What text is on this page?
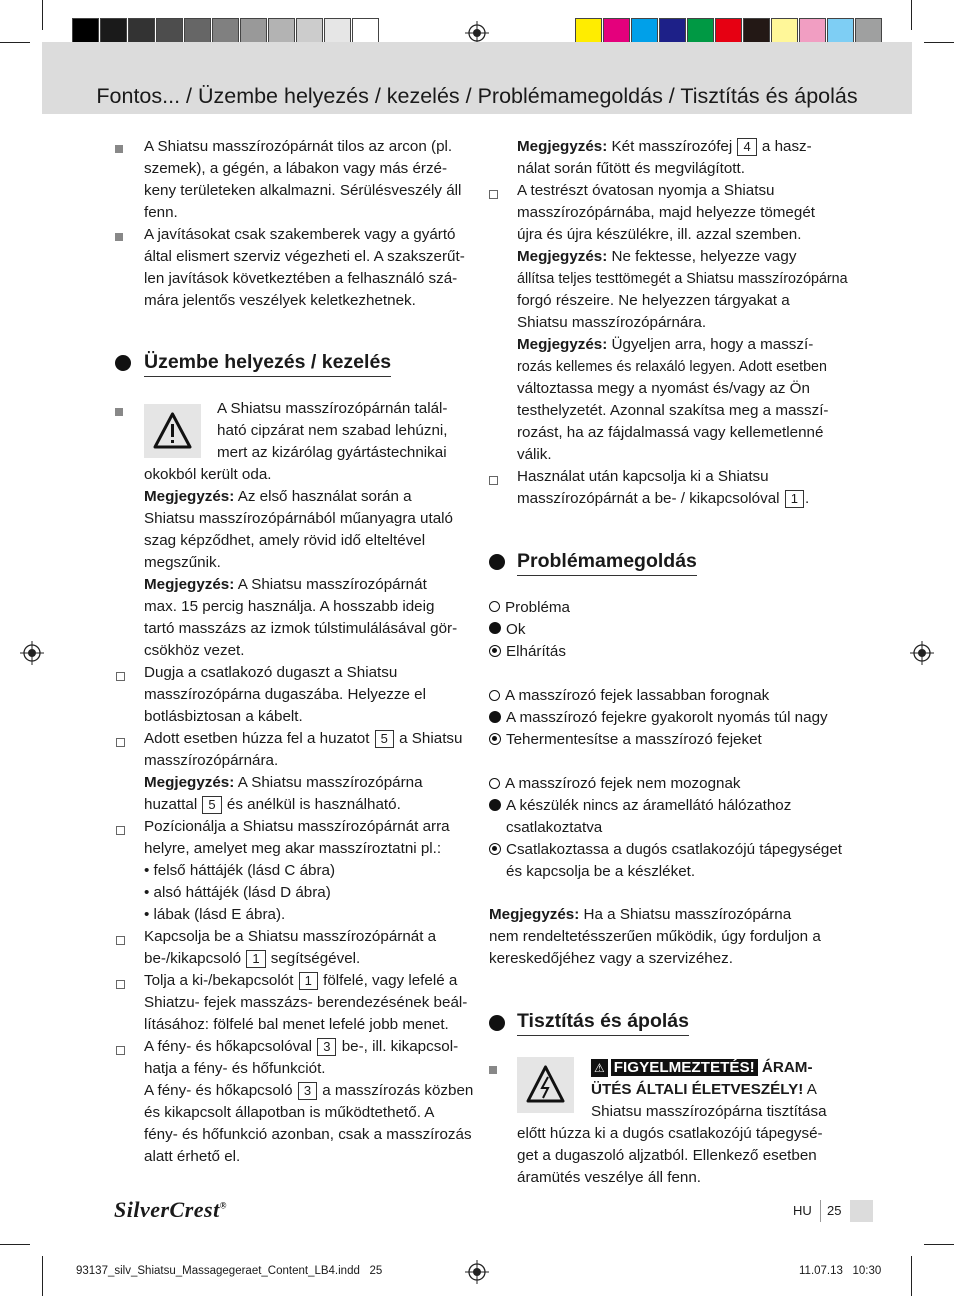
Fontos... / Üzembe helyezés / kezelés / Problémamegoldás / Tisztítás és ápolás
A Shiatsu masszírozópárnát tilos az arcon (pl.
szemek), a gégén, a lábakon vagy más érzé-
keny területeken alkalmazni. Sérülésveszély áll
fenn.
A javításokat csak szakemberek vagy a gyártó
által elismert szerviz végezheti el. A szakszerűt-
len javítások következtében a felhasználó szá-
mára jelentős veszélyek keletkezhetnek.
Üzembe helyezés / kezelés
A Shiatsu masszírozópárnán talál-
ható cipzárat nem szabad lehúzni,
mert az kizárólag gyártástechnikai
okokból került oda.
Megjegyzés: Az első használat során a
Shiatsu masszírozópárnából műanyagra utaló
szag képződhet, amely rövid idő elteltével
megszűnik.
Megjegyzés: A Shiatsu masszírozópárnát
max. 15 percig használja. A hosszabb ideig
tartó masszázs az izmok túlstimulálásával gör-
csökhöz vezet.
Dugja a csatlakozó dugaszt a Shiatsu
masszírozópárna dugaszába. Helyezze el
botlásbiztosan a kábelt.
Adott esetben húzza fel a huzatot 5 a Shiatsu
masszírozópárnára.
Megjegyzés: A Shiatsu masszírozópárna
huzattal 5 és anélkül is használható.
Pozícionálja a Shiatsu masszírozópárnát arra
helyre, amelyet meg akar masszíroztatni pl.:
• felső háttájék (lásd C ábra)
• alsó háttájék (lásd D ábra)
• lábak (lásd E ábra).
Kapcsolja be a Shiatsu masszírozópárnát a
be-/kikapcsoló 1 segítségével.
Tolja a ki-/bekapcsolót 1 fölfelé, vagy lefelé a
Shiatzu- fejek masszázs- berendezésének beál-
lításához: fölfelé bal menet lefelé jobb menet.
A fény- és hőkapcsolóval 3 be-, ill. kikapcsol-
hatja a fény- és hőfunkciót.
A fény- és hőkapcsoló 3 a masszírozás közben
és kikapcsolt állapotban is működtethető. A
fény- és hőfunkció azonban, csak a masszírozás
alatt érhető el.
Megjegyzés: Két masszírozófej 4 a hasz-
nálat során fűtött és megvilágított.
A testrészt óvatosan nyomja a Shiatsu
masszírozópárnába, majd helyezze tömegét
újra és újra készülékre, ill. azzal szemben.
Megjegyzés: Ne fektesse, helyezze vagy
állítsa teljes testtömegét a Shiatsu masszírozópárna
forgó részeire. Ne helyezzen tárgyakat a
Shiatsu masszírozópárnára.
Megjegyzés: Ügyeljen arra, hogy a masszí-
rozás kellemes és relaxáló legyen. Adott esetben
változtassa megy a nyomást és/vagy az Ön
testhelyzetét. Azonnal szakítsa meg a masszí-
rozást, ha az fájdalmassá vagy kellemetlenné
válik.
Használat után kapcsolja ki a Shiatsu
masszírozópárnát a be- / kikapcsolóval 1 .
Problémamegoldás
Probléma
Ok
Elhárítás
A masszírozó fejek lassabban forognak
A masszírozó fejekre gyakorolt nyomás túl nagy
Tehermentesítse a masszírozó fejeket
A masszírozó fejek nem mozognak
A készülék nincs az áramellátó hálózathoz
csatlakoztatva
Csatlakoztassa a dugós csatlakozójú tápegységet
és kapcsolja be a készléket.
Megjegyzés: Ha a Shiatsu masszírozópárna
nem rendeltetésszerűen működik, úgy forduljon a
kereskedőjéhez vagy a szervizéhez.
Tisztítás és ápolás
⚠ FIGYELMEZTETÉS! ÁRAM-
ÜTÉS ÁLTALI ÉLETVESZÉLY! A
Shiatsu masszírozópárna tisztítása
előtt húzza ki a dugós csatlakozójú tápegysé-
get a dugaszoló aljzatból. Ellenkező esetben
áramütés veszélye áll fenn.
SilverCrest®	HU 25
93137_silv_Shiatsu_Massagegeraet_Content_LB4.indd   25	11.07.13   10:30
